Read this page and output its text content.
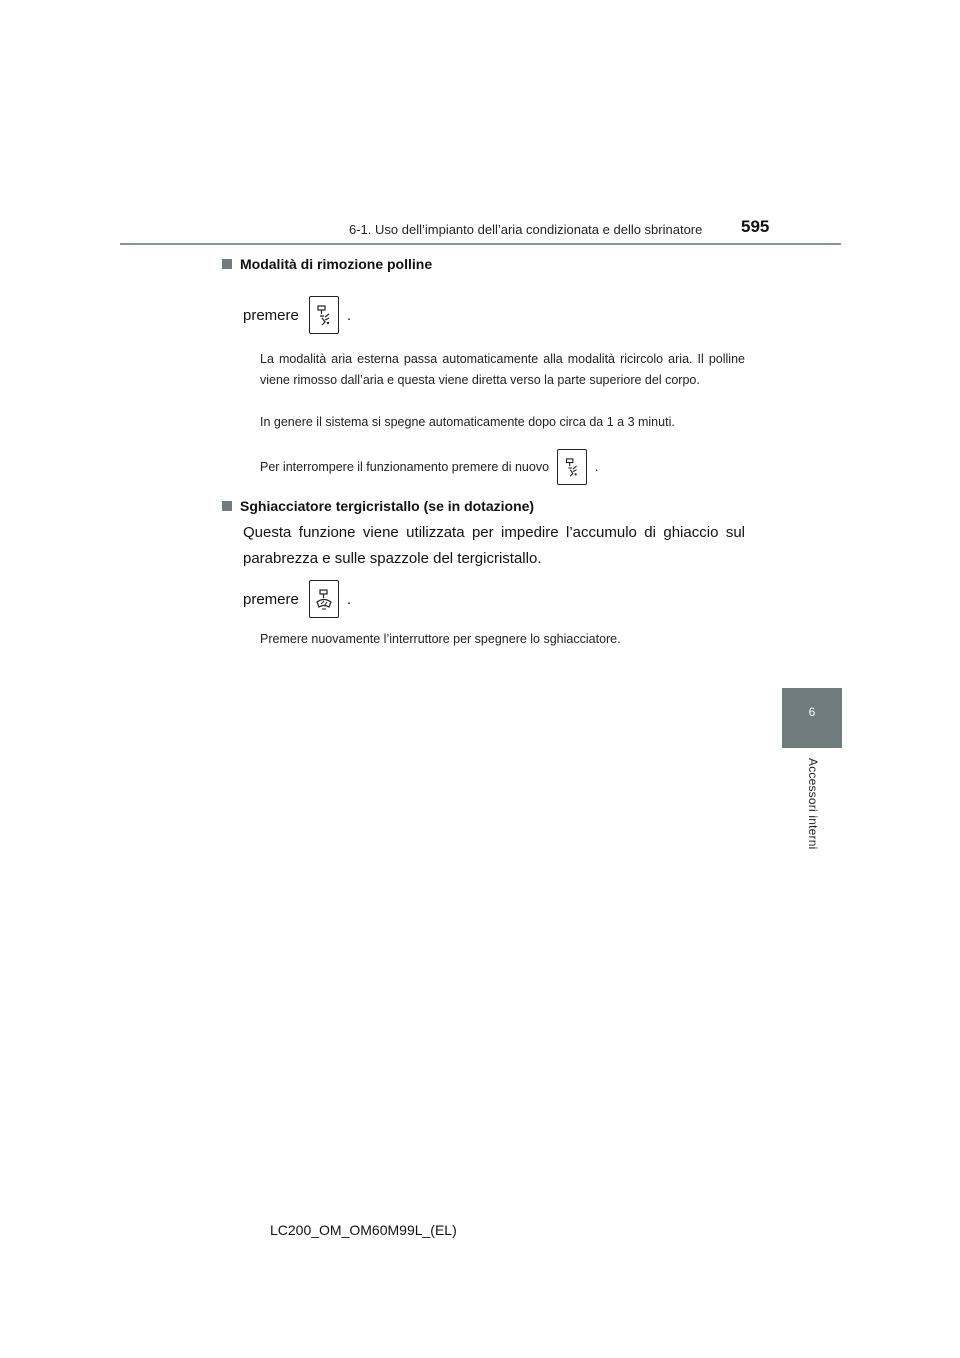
6-1. Uso dell’impianto dell’aria condizionata e dello sbrinatore 595
6
Accessori interni
Modalità di rimozione polline
premere	.
La modalità aria esterna passa automaticamente alla modalità ricircolo aria. Il polline viene rimosso dall’aria e questa viene diretta verso la parte superiore del corpo.
In genere il sistema si spegne automaticamente dopo circa da 1 a 3 minuti.
Per interrompere il funzionamento premere di nuovo	.
Sghiacciatore tergicristallo (se in dotazione)
Questa funzione viene utilizzata per impedire l’accumulo di ghiaccio sul parabrezza e sulle spazzole del tergicristallo.
premere	.
Premere nuovamente l’interruttore per spegnere lo sghiacciatore.
LC200_OM_OM60M99L_(EL)
